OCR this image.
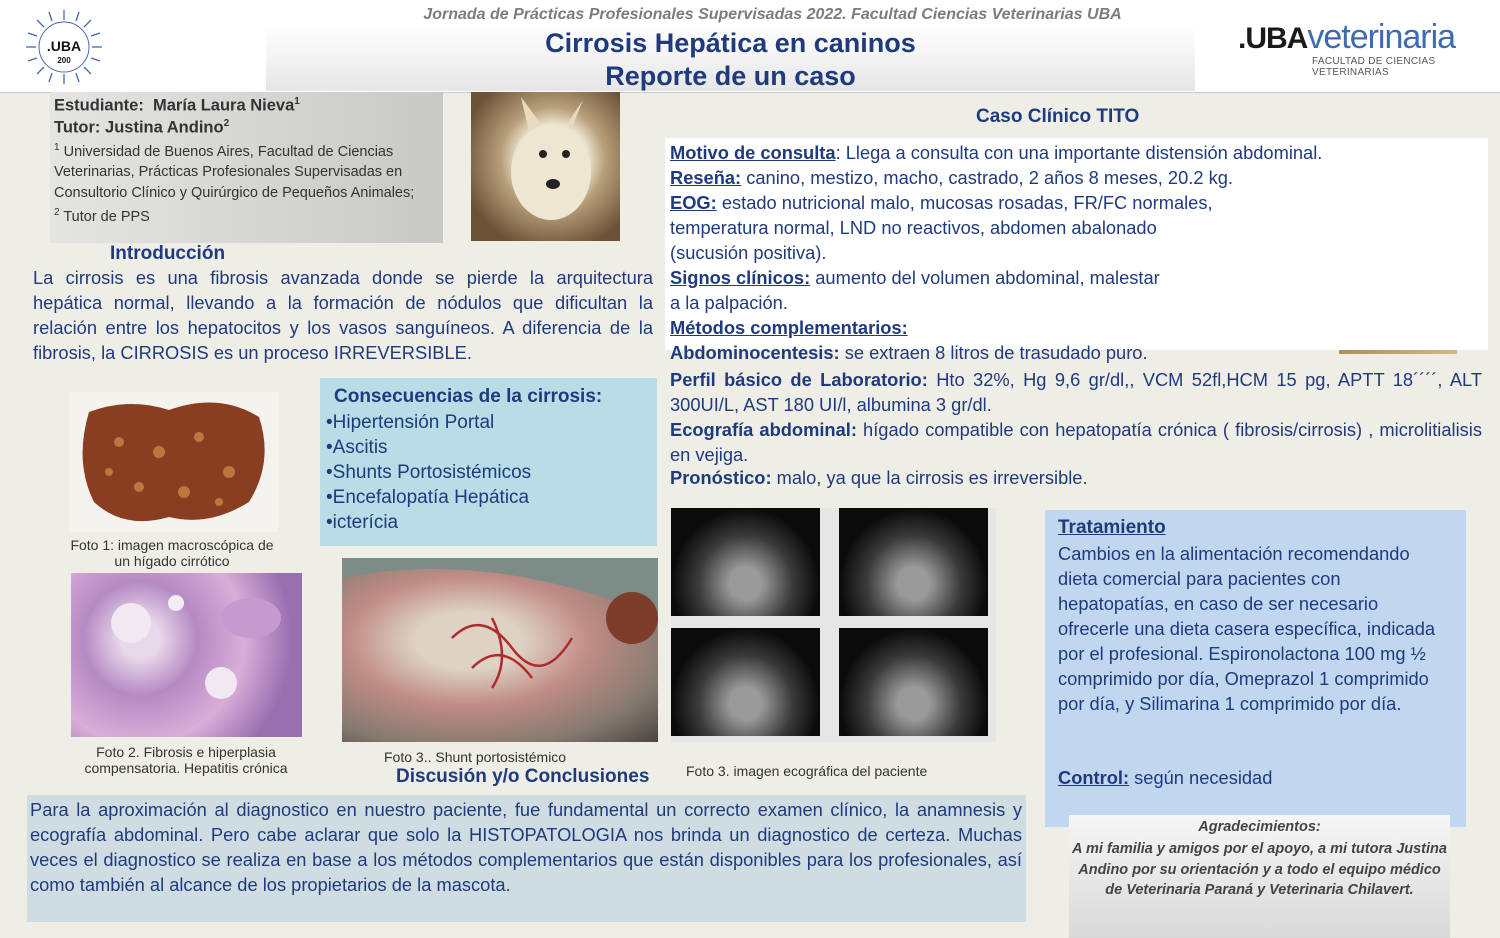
.UBA
200
Jornada de Prácticas Profesionales Supervisadas 2022. Facultad Ciencias Veterinarias UBA
Cirrosis Hepática en caninos
Reporte de un caso
.UBAveterinaria
FACULTAD DE CIENCIAS VETERINARIAS
Estudiante: María Laura Nieva$^1$
Tutor: Justina Andino$^2$
$^1$ Universidad de Buenos Aires, Facultad de Ciencias Veterinarias, Prácticas Profesionales Supervisadas en Consultorio Clínico y Quirúrgico de Pequeños Animales;
$^2$ Tutor de PPS
Foto 1: imagen macroscópica de
un hígado cirrótico
Foto 2. Fibrosis e hiperplasia
compensatoria. Hepatitis crónica
Foto 3.. Shunt portosistémico
Foto 3. imagen ecográfica del paciente
Introducción
La cirrosis es una fibrosis avanzada donde se pierde la arquitectura hepática normal, llevando a la formación de nódulos que dificultan la relación entre los hepatocitos y los vasos sanguíneos. A diferencia de la fibrosis, la CIRROSIS es un proceso IRREVERSIBLE.
Consecuencias de la cirrosis:
•Hipertensión Portal
•Ascitis
•Shunts Portosistémicos
•Encefalopatía Hepática
•icterícia
Caso Clínico TITO
Motivo de consulta: Llega a consulta con una importante distensión abdominal.
Reseña: canino, mestizo, macho, castrado, 2 años 8 meses, 20.2 kg.
EOG: estado nutricional malo, mucosas rosadas, FR/FC normales,
temperatura normal, LND no reactivos, abdomen abalonado
(sucusión positiva).
Signos clínicos: aumento del volumen abdominal, malestar
a la palpación.
Métodos complementarios:
Abdominocentesis: se extraen 8 litros de trasudado puro.
Perfil básico de Laboratorio: Hto 32%, Hg 9,6 gr/dl,, VCM 52fl,HCM 15 pg, APTT 18´´´´, ALT 300UI/L, AST 180 UI/l, albumina 3 gr/dl.
Ecografía abdominal: hígado compatible con hepatopatía crónica ( fibrosis/cirrosis) , microlitialisis en vejiga.
Pronóstico: malo, ya que la cirrosis es irreversible.
Tratamiento
Cambios en la alimentación recomendando dieta comercial para pacientes con hepatopatías, en caso de ser necesario ofrecerle una dieta casera específica, indicada por el profesional. Espironolactona 100 mg ½ comprimido por día, Omeprazol 1 comprimido por día, y Silimarina 1 comprimido por día.
Control: según necesidad
Agradecimientos:
A mi familia y amigos por el apoyo, a mi tutora Justina Andino por su orientación y a todo el equipo médico de Veterinaria Paraná y Veterinaria Chilavert.
Discusión y/o Conclusiones
Para la aproximación al diagnostico en nuestro paciente, fue fundamental un correcto examen clínico, la anamnesis y ecografía abdominal. Pero cabe aclarar que solo la HISTOPATOLOGIA nos brinda un diagnostico de certeza. Muchas veces el diagnostico se realiza en base a los métodos complementarios que están disponibles para los profesionales, así como también al alcance de los propietarios de la mascota.
